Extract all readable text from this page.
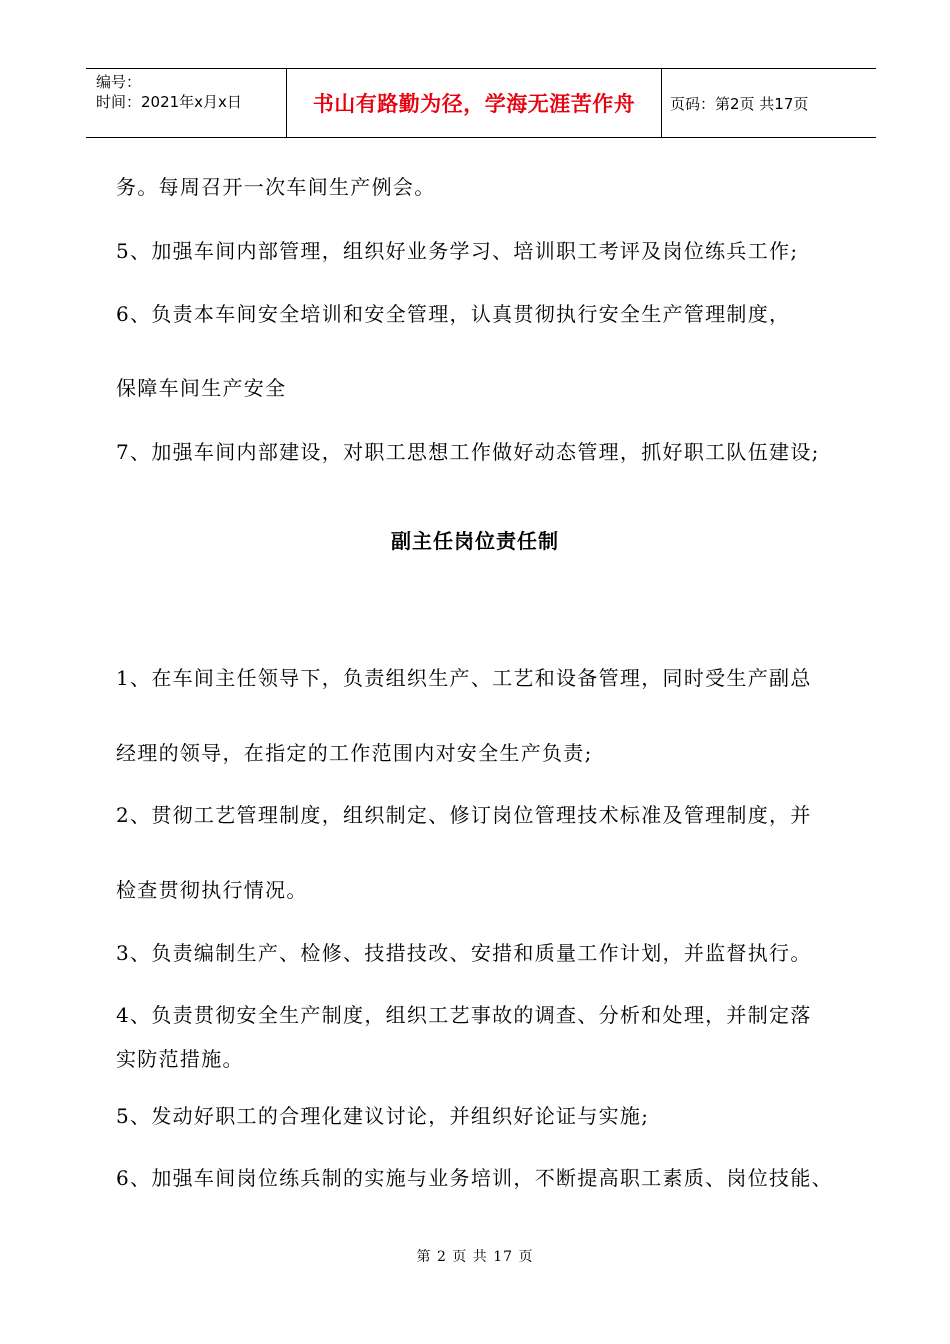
编号：
时间：2021年x月x日	书山有路勤为径，学海无涯苦作舟	页码：第2页 共17页
务。每周召开一次车间生产例会。
5、加强车间内部管理，组织好业务学习、培训职工考评及岗位练兵工作;
6、负责本车间安全培训和安全管理，认真贯彻执行安全生产管理制度，
保障车间生产安全
7、加强车间内部建设，对职工思想工作做好动态管理，抓好职工队伍建设;
副主任岗位责任制
1、在车间主任领导下，负责组织生产、工艺和设备管理，同时受生产副总
经理的领导，在指定的工作范围内对安全生产负责;
2、贯彻工艺管理制度，组织制定、修订岗位管理技术标准及管理制度，并
检查贯彻执行情况。
3、负责编制生产、检修、技措技改、安措和质量工作计划，并监督执行。
4、负责贯彻安全生产制度，组织工艺事故的调查、分析和处理，并制定落
实防范措施。
5、发动好职工的合理化建议讨论，并组织好论证与实施;
6、加强车间岗位练兵制的实施与业务培训，不断提高职工素质、岗位技能、
第 2 页 共 17 页
